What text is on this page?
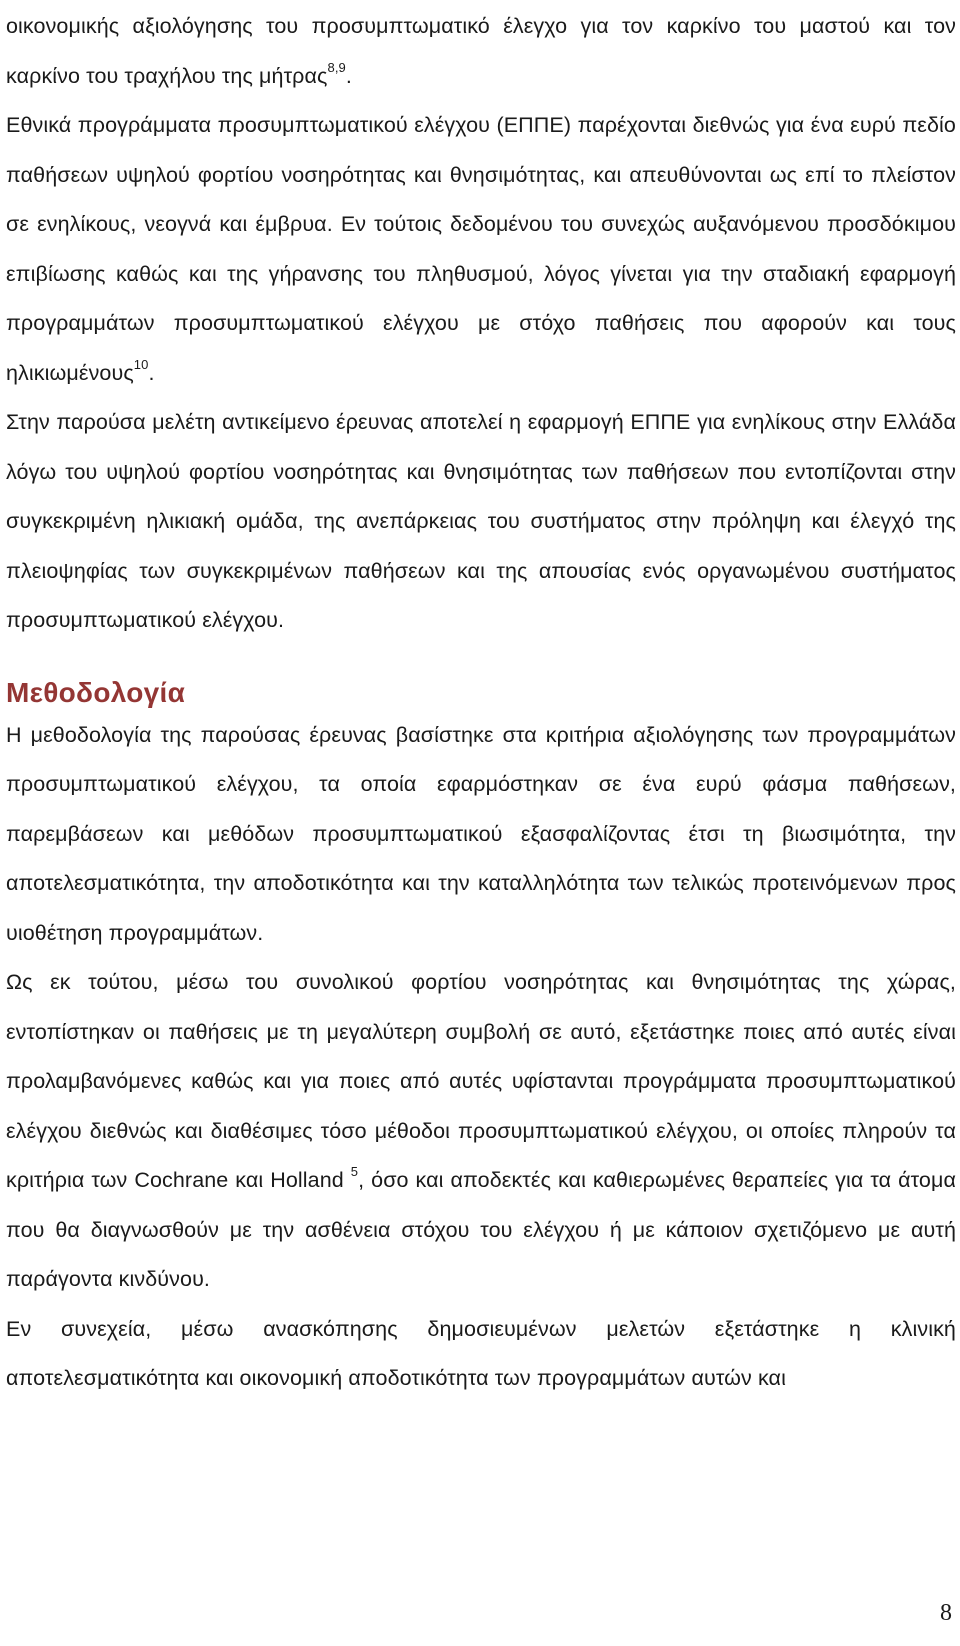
οικονομικής αξιολόγησης του προσυμπτωματικό έλεγχο για τον καρκίνο του μαστού και τον καρκίνο του τραχήλου της μήτρας$^{8,9}$.

Εθνικά προγράμματα προσυμπτωματικού ελέγχου (ΕΠΠΕ) παρέχονται διεθνώς για ένα ευρύ πεδίο παθήσεων υψηλού φορτίου νοσηρότητας και θνησιμότητας, και απευθύνονται ως επί το πλείστον σε ενηλίκους, νεογνά και έμβρυα. Εν τούτοις δεδομένου του συνεχώς αυξανόμενου προσδόκιμου επιβίωσης καθώς και της γήρανσης του πληθυσμού, λόγος γίνεται για την σταδιακή εφαρμογή προγραμμάτων προσυμπτωματικού ελέγχου με στόχο παθήσεις που αφορούν και τους ηλικιωμένους$^{10}$.

Στην παρούσα μελέτη αντικείμενο έρευνας αποτελεί η εφαρμογή ΕΠΠΕ για ενηλίκους στην Ελλάδα λόγω του υψηλού φορτίου νοσηρότητας και θνησιμότητας των παθήσεων που εντοπίζονται στην συγκεκριμένη ηλικιακή ομάδα, της ανεπάρκειας του συστήματος στην πρόληψη και έλεγχό της πλειοψηφίας των συγκεκριμένων παθήσεων και της απουσίας ενός οργανωμένου συστήματος προσυμπτωματικού ελέγχου.

Μεθοδολογία

Η μεθοδολογία της παρούσας έρευνας βασίστηκε στα κριτήρια αξιολόγησης των προγραμμάτων προσυμπτωματικού ελέγχου, τα οποία εφαρμόστηκαν σε ένα ευρύ φάσμα παθήσεων, παρεμβάσεων και μεθόδων προσυμπτωματικού εξασφαλίζοντας έτσι τη βιωσιμότητα, την αποτελεσματικότητα, την αποδοτικότητα και την καταλληλότητα των τελικώς προτεινόμενων προς υιοθέτηση προγραμμάτων.

Ως εκ τούτου, μέσω του συνολικού φορτίου νοσηρότητας και θνησιμότητας της χώρας, εντοπίστηκαν οι παθήσεις με τη μεγαλύτερη συμβολή σε αυτό, εξετάστηκε ποιες από αυτές είναι προλαμβανόμενες καθώς και για ποιες από αυτές υφίστανται προγράμματα προσυμπτωματικού ελέγχου διεθνώς και διαθέσιμες τόσο μέθοδοι προσυμπτωματικού ελέγχου, οι οποίες πληρούν τα κριτήρια των Cochrane και Holland $^5$, όσο και αποδεκτές και καθιερωμένες θεραπείες για τα άτομα που θα διαγνωσθούν με την ασθένεια στόχου του ελέγχου ή με κάποιον σχετιζόμενο με αυτή παράγοντα κινδύνου.

Εν συνεχεία, μέσω ανασκόπησης δημοσιευμένων μελετών εξετάστηκε η κλινική αποτελεσματικότητα και οικονομική αποδοτικότητα των προγραμμάτων αυτών και

8
